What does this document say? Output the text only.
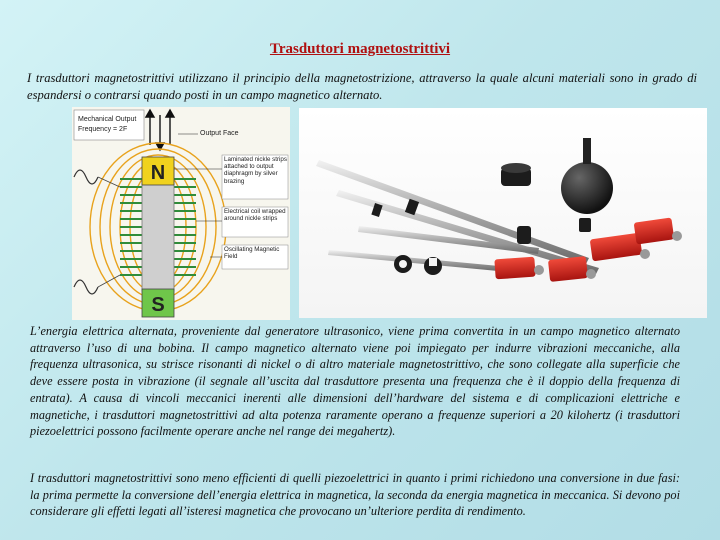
Trasduttori magnetostrittivi
I trasduttori magnetostrittivi utilizzano il principio della magnetostrizione, attraverso la quale alcuni materiali sono in grado di espandersi o contrarsi quando posti in un campo magnetico alternato.
Mechanical Output
Frequency = 2F
Output Face
N
S
Laminated nickle strips attached to output diaphragm by silver brazing
Electrical coil wrapped around nickle strips
Oscillating Magnetic Field
L’energia elettrica alternata, proveniente dal generatore ultrasonico, viene prima convertita in un campo magnetico alternato attraverso l’uso di una bobina. Il campo magnetico alternato viene poi impiegato per indurre vibrazioni meccaniche, alla frequenza ultrasonica, su strisce risonanti di nickel o di altro materiale magnetostrittivo, che sono collegate alla superficie che deve essere posta in vibrazione (il segnale all’uscita dal trasduttore presenta una frequenza che è il doppio della frequenza di entrata). A causa di vincoli meccanici inerenti alle dimensioni dell’hardware del sistema e di complicazioni elettriche e magnetiche, i trasduttori magnetostrittivi ad alta potenza raramente operano a frequenze superiori a 20 kilohertz (i trasduttori piezoelettrici possono facilmente operare anche nel range dei megahertz).
I trasduttori magnetostrittivi sono meno efficienti di quelli piezoelettrici in quanto i primi richiedono una conversione in due fasi: la prima permette la conversione dell’energia elettrica in magnetica, la seconda da energia magnetica in meccanica. Si devono poi considerare gli effetti legati all’isteresi magnetica che provocano un’ulteriore perdita di rendimento.
